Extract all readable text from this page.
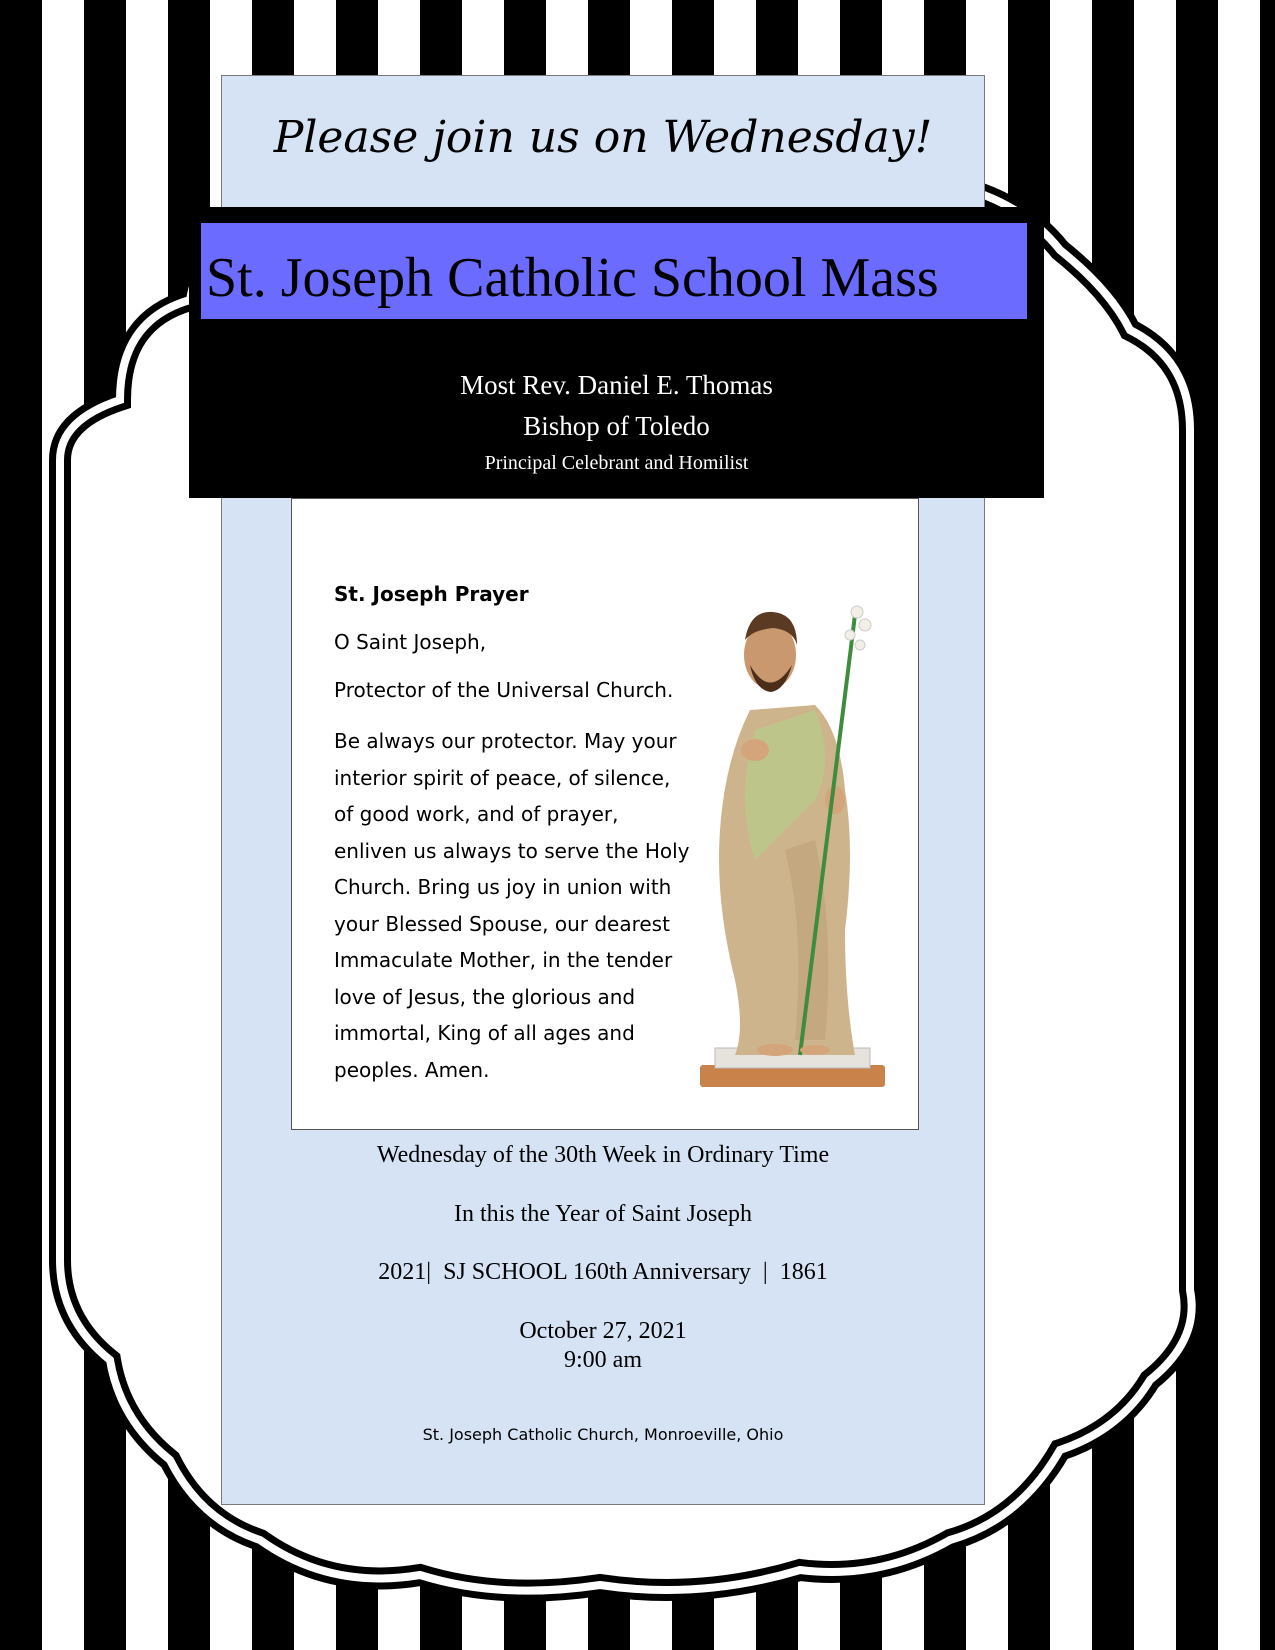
Please join us on Wednesday!
St. Joseph Catholic School Mass
Most Rev. Daniel E. Thomas
Bishop of Toledo
Principal Celebrant and Homilist
St. Joseph Prayer
O Saint Joseph,
Protector of the Universal Church.
Be always our protector. May your interior spirit of peace, of silence, of good work, and of prayer, enliven us always to serve the Holy Church. Bring us joy in union with your Blessed Spouse, our dearest Immaculate Mother, in the tender love of Jesus, the glorious and immortal, King of all ages and peoples. Amen.
Wednesday of the 30th Week in Ordinary Time
In this the Year of Saint Joseph
2021|  SJ SCHOOL 160th Anniversary  |  1861
October 27, 2021
9:00 am
St. Joseph Catholic Church, Monroeville, Ohio
